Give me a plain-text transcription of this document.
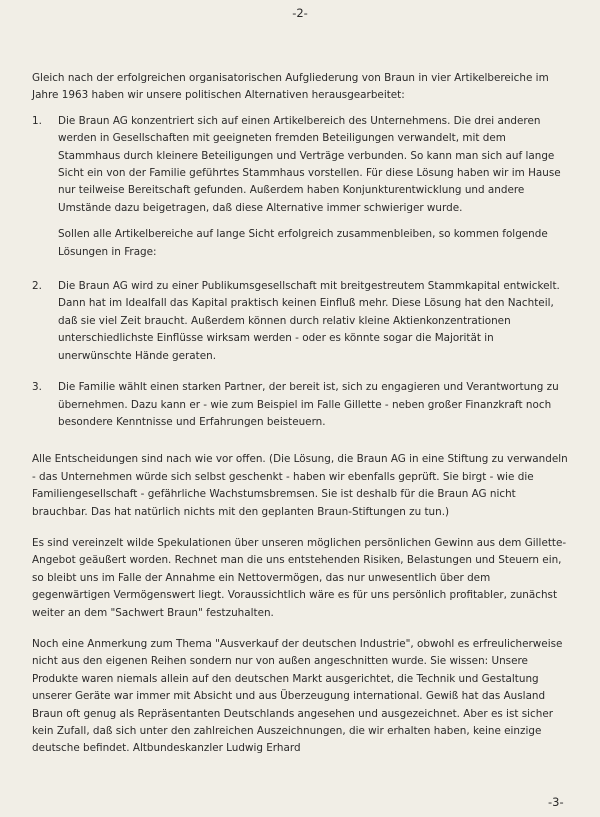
-2-

Gleich nach der erfolgreichen organisatorischen Aufgliederung von Braun in vier Artikelbereiche im Jahre 1963 haben wir unsere politischen Alternativen herausgearbeitet:

1.	Die Braun AG konzentriert sich auf einen Artikelbereich des Unternehmens. Die drei anderen werden in Gesellschaften mit geeigneten fremden Beteiligungen verwandelt, mit dem Stammhaus durch kleinere Beteiligungen und Verträge verbunden. So kann man sich auf lange Sicht ein von der Familie geführtes Stammhaus vorstellen. Für diese Lösung haben wir im Hause nur teilweise Bereitschaft gefunden. Außerdem haben Konjunkturentwicklung und andere Umstände dazu beigetragen, daß diese Alternative immer schwieriger wurde.

Sollen alle Artikelbereiche auf lange Sicht erfolgreich zusammenbleiben, so kommen folgende Lösungen in Frage:

2.	Die Braun AG wird zu einer Publikumsgesellschaft mit breitgestreutem Stammkapital entwickelt. Dann hat im Idealfall das Kapital praktisch keinen Einfluß mehr. Diese Lösung hat den Nachteil, daß sie viel Zeit braucht. Außerdem können durch relativ kleine Aktienkonzentrationen unterschiedlichste Einflüsse wirksam werden - oder es könnte sogar die Majorität in unerwünschte Hände geraten.
3.	Die Familie wählt einen starken Partner, der bereit ist, sich zu engagieren und Verantwortung zu übernehmen. Dazu kann er - wie zum Beispiel im Falle Gillette - neben großer Finanzkraft noch besondere Kenntnisse und Erfahrungen beisteuern.

Alle Entscheidungen sind nach wie vor offen. (Die Lösung, die Braun AG in eine Stiftung zu verwandeln - das Unternehmen würde sich selbst geschenkt - haben wir ebenfalls geprüft. Sie birgt - wie die Familiengesellschaft - gefährliche Wachstumsbremsen. Sie ist deshalb für die Braun AG nicht brauchbar. Das hat natürlich nichts mit den geplanten Braun-Stiftungen zu tun.)

Es sind vereinzelt wilde Spekulationen über unseren möglichen persönlichen Gewinn aus dem Gillette-Angebot geäußert worden. Rechnet man die uns entstehenden Risiken, Belastungen und Steuern ein, so bleibt uns im Falle der Annahme ein Nettovermögen, das nur unwesentlich über dem gegenwärtigen Vermögenswert liegt. Voraussichtlich wäre es für uns persönlich profitabler, zunächst weiter an dem "Sachwert Braun" festzuhalten.

Noch eine Anmerkung zum Thema "Ausverkauf der deutschen Industrie", obwohl es erfreulicherweise nicht aus den eigenen Reihen sondern nur von außen angeschnitten wurde. Sie wissen: Unsere Produkte waren niemals allein auf den deutschen Markt ausgerichtet, die Technik und Gestaltung unserer Geräte war immer mit Absicht und aus Überzeugung international. Gewiß hat das Ausland Braun oft genug als Repräsentanten Deutschlands angesehen und ausgezeichnet. Aber es ist sicher kein Zufall, daß sich unter den zahlreichen Auszeichnungen, die wir erhalten haben, keine einzige deutsche befindet. Altbundeskanzler Ludwig Erhard

-3-
